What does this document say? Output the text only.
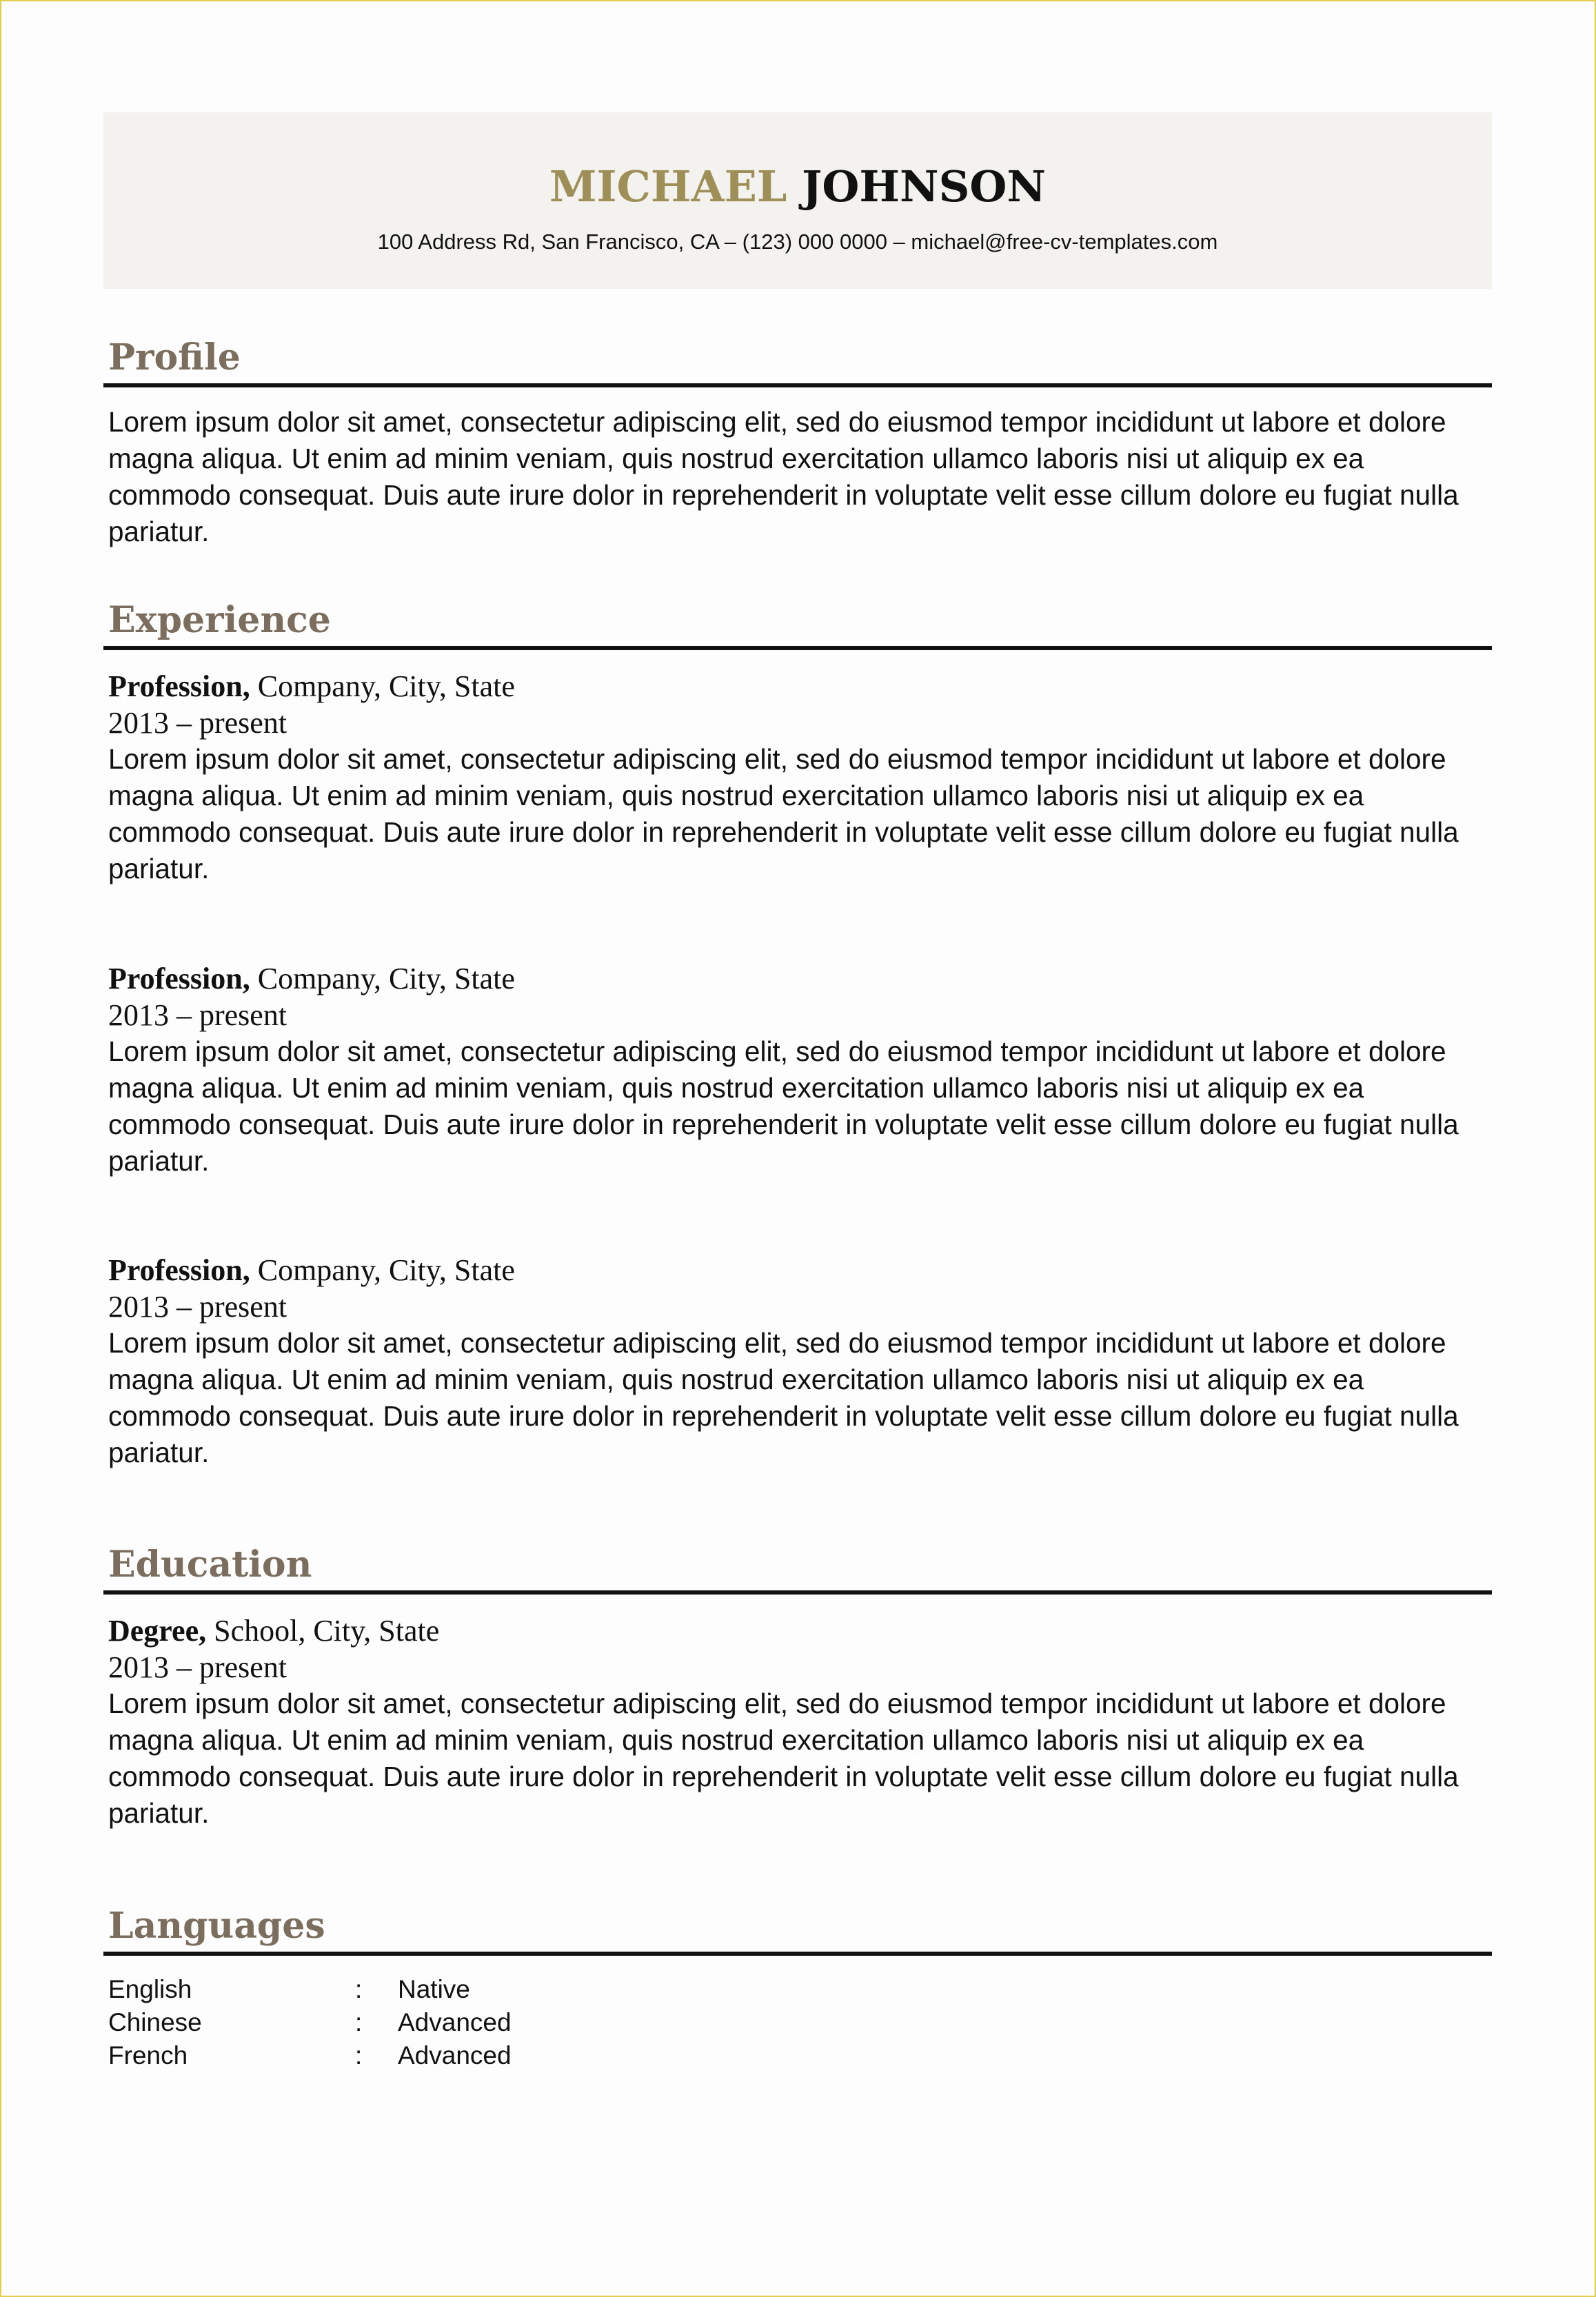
MICHAEL JOHNSON
100 Address Rd, San Francisco, CA – (123) 000 0000 – michael@free-cv-templates.com
Profile

Lorem ipsum dolor sit amet, consectetur adipiscing elit, sed do eiusmod tempor incididunt ut labore et dolore magna aliqua. Ut enim ad minim veniam, quis nostrud exercitation ullamco laboris nisi ut aliquip ex ea commodo consequat. Duis aute irure dolor in reprehenderit in voluptate velit esse cillum dolore eu fugiat nulla pariatur.

Experience
Profession, Company, City, State
2013 – present

Lorem ipsum dolor sit amet, consectetur adipiscing elit, sed do eiusmod tempor incididunt ut labore et dolore magna aliqua. Ut enim ad minim veniam, quis nostrud exercitation ullamco laboris nisi ut aliquip ex ea commodo consequat. Duis aute irure dolor in reprehenderit in voluptate velit esse cillum dolore eu fugiat nulla pariatur.

Profession, Company, City, State
2013 – present

Lorem ipsum dolor sit amet, consectetur adipiscing elit, sed do eiusmod tempor incididunt ut labore et dolore magna aliqua. Ut enim ad minim veniam, quis nostrud exercitation ullamco laboris nisi ut aliquip ex ea commodo consequat. Duis aute irure dolor in reprehenderit in voluptate velit esse cillum dolore eu fugiat nulla pariatur.

Profession, Company, City, State
2013 – present

Lorem ipsum dolor sit amet, consectetur adipiscing elit, sed do eiusmod tempor incididunt ut labore et dolore magna aliqua. Ut enim ad minim veniam, quis nostrud exercitation ullamco laboris nisi ut aliquip ex ea commodo consequat. Duis aute irure dolor in reprehenderit in voluptate velit esse cillum dolore eu fugiat nulla pariatur.

Education
Degree, School, City, State
2013 – present

Lorem ipsum dolor sit amet, consectetur adipiscing elit, sed do eiusmod tempor incididunt ut labore et dolore magna aliqua. Ut enim ad minim veniam, quis nostrud exercitation ullamco laboris nisi ut aliquip ex ea commodo consequat. Duis aute irure dolor in reprehenderit in voluptate velit esse cillum dolore eu fugiat nulla pariatur.

Languages
English	: Native
Chinese	: Advanced
French	: Advanced
